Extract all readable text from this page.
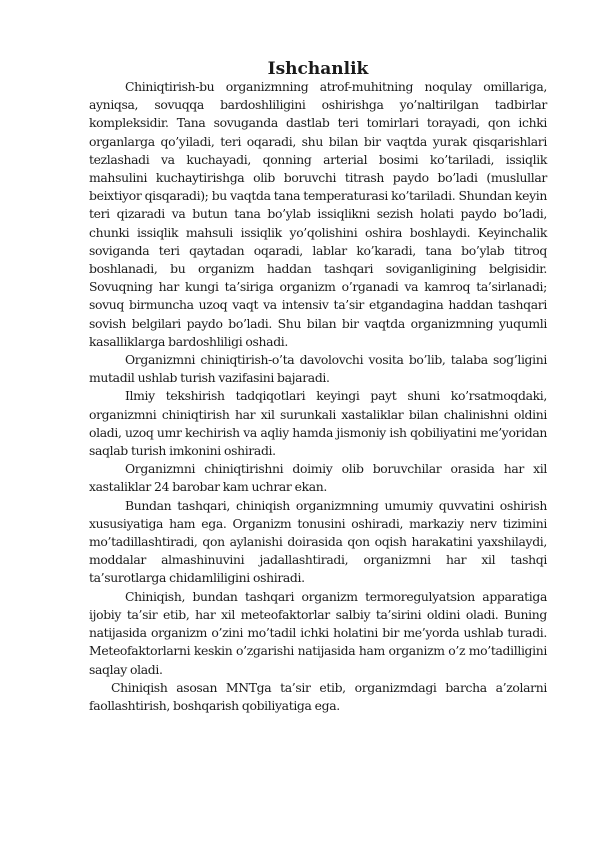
Ishchanlik

Chiniqtirish-bu organizmning atrof-muhitning noqulay omillariga, ayniqsa, sovuqqa bardoshliligini oshirishga yo’naltirilgan tadbirlar kompleksidir. Tana sovuganda dastlab teri tomirlari torayadi, qon ichki organlarga qo’yiladi, teri oqaradi, shu bilan bir vaqtda yurak qisqarishlari tezlashadi va kuchayadi, qonning arterial bosimi ko’tariladi, issiqlik mahsulini kuchaytirishga olib boruvchi titrash paydo bo’ladi (muslullar beixtiyor qisqaradi); bu vaqtda tana temperaturasi ko’tariladi. Shundan keyin teri qizaradi va butun tana bo’ylab issiqlikni sezish holati paydo bo’ladi, chunki issiqlik mahsuli issiqlik yo’qolishini oshira boshlaydi. Keyinchalik soviganda teri qaytadan oqaradi, lablar ko’karadi, tana bo’ylab titroq boshlanadi, bu organizm haddan tashqari soviganligining belgisidir. Sovuqning har kungi ta’siriga organizm o’rganadi va kamroq ta’sirlanadi; sovuq birmuncha uzoq vaqt va intensiv ta’sir etgandagina haddan tashqari sovish belgilari paydo bo’ladi. Shu bilan bir vaqtda organizmning yuqumli kasalliklarga bardoshliligi oshadi.

Organizmni chiniqtirish-o’ta davolovchi vosita bo’lib, talaba sog’ligini mutadil ushlab turish vazifasini bajaradi.

Ilmiy tekshirish tadqiqotlari keyingi payt shuni ko’rsatmoqdaki, organizmni chiniqtirish har xil surunkali xastaliklar bilan chalinishni oldini oladi, uzoq umr kechirish va aqliy hamda jismoniy ish qobiliyatini me’yoridan saqlab turish imkonini oshiradi.

Organizmni chiniqtirishni doimiy olib boruvchilar orasida har xil xastaliklar 24 barobar kam uchrar ekan.

Bundan tashqari, chiniqish organizmning umumiy quvvatini oshirish xususiyatiga ham ega. Organizm tonusini oshiradi, markaziy nerv tizimini mo’tadillashtiradi, qon aylanishi doirasida qon oqish harakatini yaxshilaydi, moddalar almashinuvini jadallashtiradi, organizmni har xil tashqi ta’surotlarga chidamliligini oshiradi.

Chiniqish, bundan tashqari organizm termoregulyatsion apparatiga ijobiy ta’sir etib, har xil meteofaktorlar salbiy ta’sirini oldini oladi. Buning natijasida organizm o’zini mo’tadil ichki holatini bir me’yorda ushlab turadi. Meteofaktorlarni keskin o’zgarishi natijasida ham organizm o’z mo’tadilligini saqlay oladi.

Chiniqish asosan MNTga ta’sir etib, organizmdagi barcha a’zolarni faollashtirish, boshqarish qobiliyatiga ega.
